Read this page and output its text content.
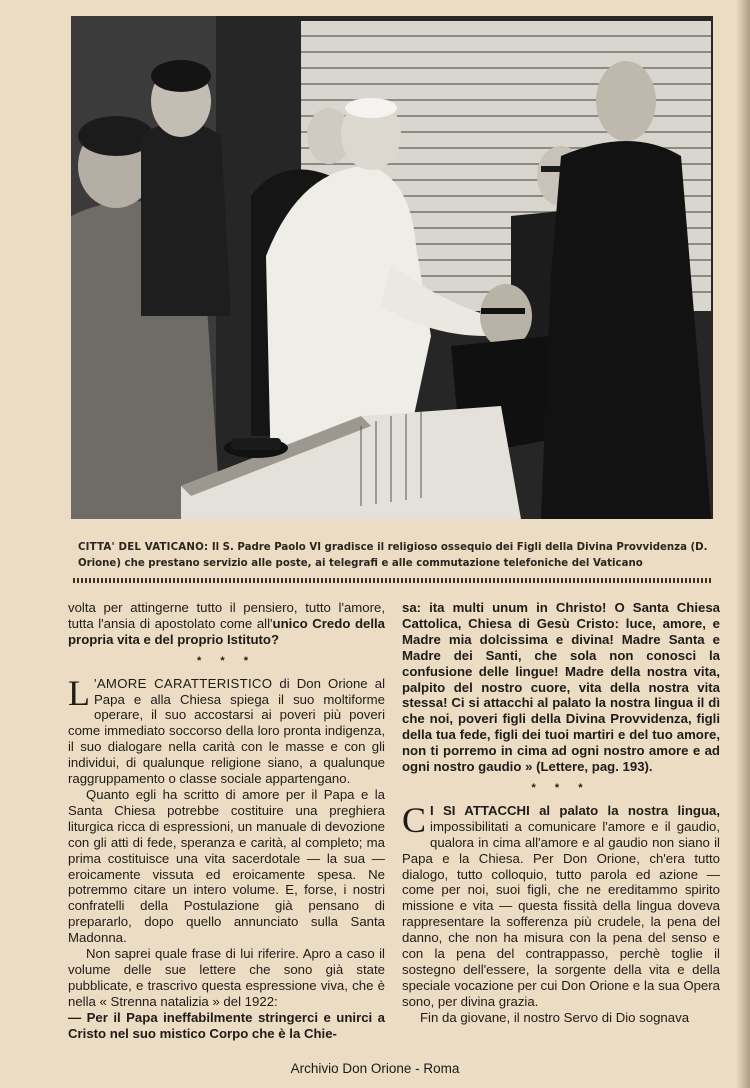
CITTA' DEL VATICANO: Il S. Padre Paolo VI gradisce il religioso ossequio dei Figli della Divina Provvidenza (D. Orione) che prestano servizio alle poste, ai telegrafi e alle commutazione telefoniche del Vaticano

volta per attingerne tutto il pensiero, tutto l'amore, tutta l'ansia di apostolato come all'unico Credo della propria vita e del proprio Istituto?

* * *

L 'AMORE CARATTERISTICO di Don Orione al Papa e alla Chiesa spiega il suo moltiforme operare, il suo accostarsi ai poveri più poveri come immediato soccorso della loro pronta indigenza, il suo dialogare nella carità con le masse e con gli individui, di qualunque religione siano, a qualunque raggruppamento o classe sociale appartengano.

Quanto egli ha scritto di amore per il Papa e la Santa Chiesa potrebbe costituire una preghiera liturgica ricca di espressioni, un manuale di devozione con gli atti di fede, speranza e carità, al completo; ma prima costituisce una vita sacerdotale — la sua — eroicamente vissuta ed eroicamente spesa. Ne potremmo citare un intero volume. E, forse, i nostri confratelli della Postulazione già pensano di prepararlo, dopo quello annunciato sulla Santa Madonna.

Non saprei quale frase di lui riferire. Apro a caso il volume delle sue lettere che sono già state pubblicate, e trascrivo questa espressione viva, che è nella « Strenna natalizia » del 1922:

— Per il Papa ineffabilmente stringerci e unirci a Cristo nel suo mistico Corpo che è la Chie-

sa: ita multi unum in Christo! O Santa Chiesa Cattolica, Chiesa di Gesù Cristo: luce, amore, e Madre mia dolcissima e divina! Madre Santa e Madre dei Santi, che sola non conosci la confusione delle lingue! Madre della nostra vita, palpito del nostro cuore, vita della nostra vita stessa! Ci si attacchi al palato la nostra lingua il dì che noi, poveri figli della Divina Provvidenza, figli della tua fede, figli dei tuoi martiri e del tuo amore, non ti porremo in cima ad ogni nostro amore e ad ogni nostro gaudio » (Lettere, pag. 193).

* * *

C I SI ATTACCHI al palato la nostra lingua, impossibilitati a comunicare l'amore e il gaudio, qualora in cima all'amore e al gaudio non siano il Papa e la Chiesa. Per Don Orione, ch'era tutto dialogo, tutto colloquio, tutto parola ed azione — come per noi, suoi figli, che ne ereditammo spirito missione e vita — questa fissità della lingua doveva rappresentare la sofferenza più crudele, la pena del danno, che non ha misura con la pena del senso e con la pena del contrappasso, perchè toglie il sostegno dell'essere, la sorgente della vita e della speciale vocazione per cui Don Orione e la sua Opera sono, per divina grazia.

Fin da giovane, il nostro Servo di Dio sognava

Archivio Don Orione - Roma
